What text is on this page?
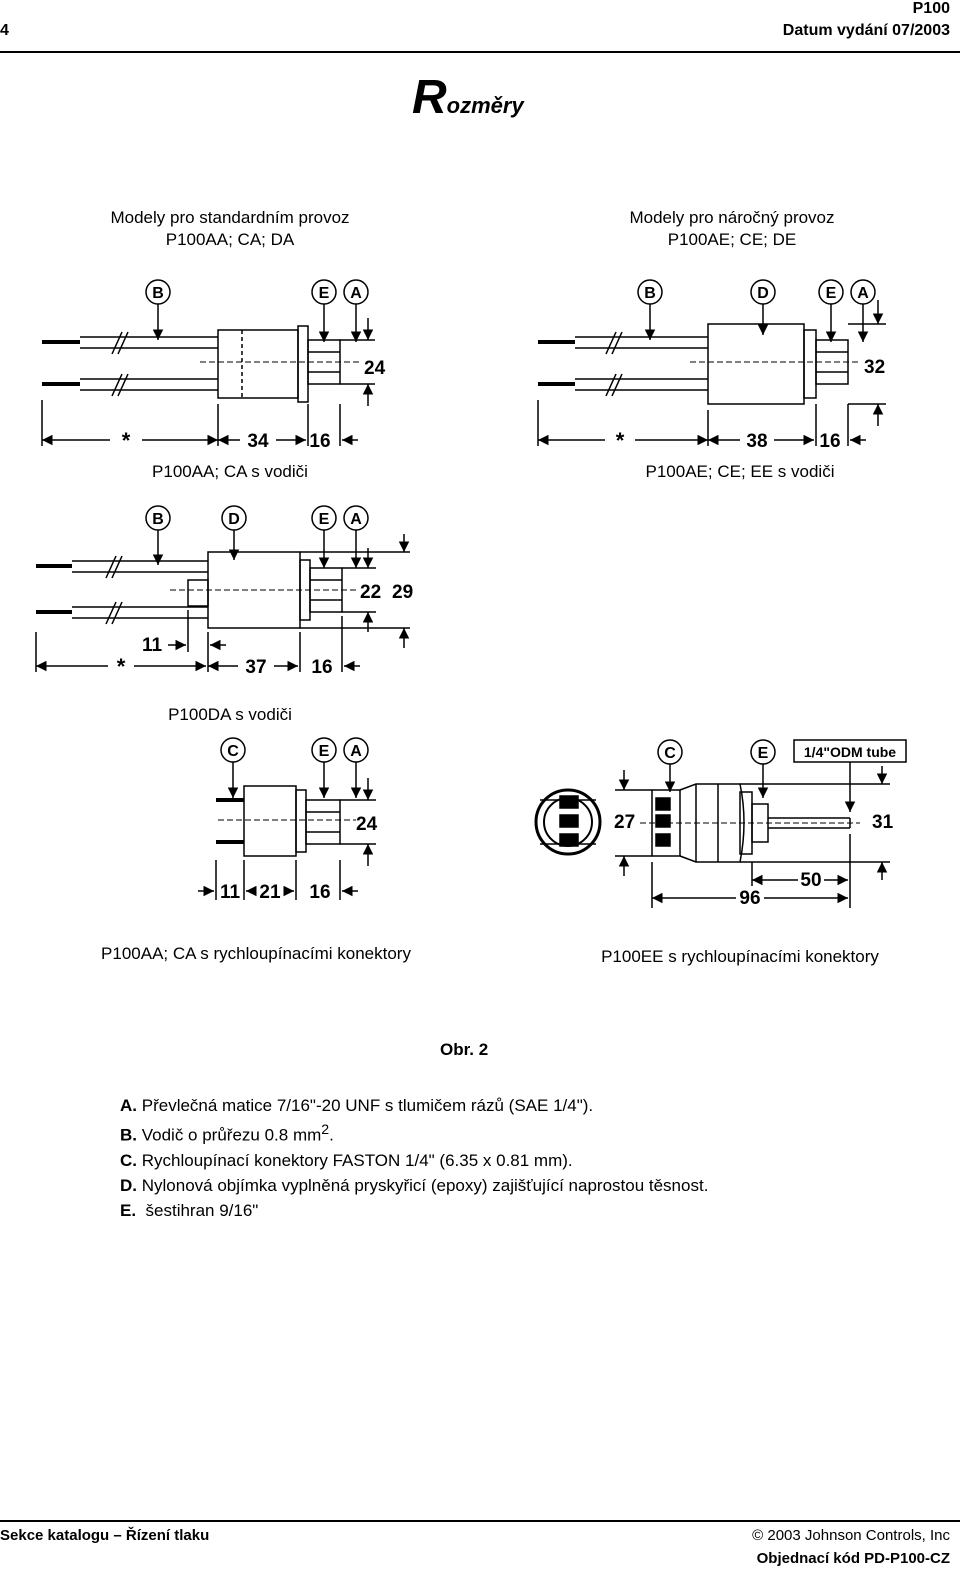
P100
4	Datum vydání 07/2003
Rozměry
Modely pro standardním provoz
P100AA; CA; DA
Modely pro náročný provoz
P100AE; CE; DE
B	E A
24
*	34 16
B	D	E A
32
*	38	16
B	D	E A
22 29
11
*	37 16
C	E A
24
11 21 16
C	E	1/4"ODM tube
27	31
50
96
P100AA; CA s vodiči	P100AE; CE; EE s vodiči
P100DA s vodiči
P100AA; CA s rychloupínacími konektory	P100EE s rychloupínacími konektory
Obr. 2
A. Převlečná matice 7/16"-20 UNF s tlumičem rázů (SAE 1/4").
B. Vodič o průřezu 0.8 $mm^2$.
C. Rychloupínací konektory FASTON 1/4" (6.35 x 0.81 mm).
D. Nylonová objímka vyplněná pryskyřicí (epoxy) zajišťující naprostou těsnost.
E.  šestihran 9/16"
Sekce katalogu – Řízení tlaku	© 2003 Johnson Controls, Inc
Objednací kód PD-P100-CZ
